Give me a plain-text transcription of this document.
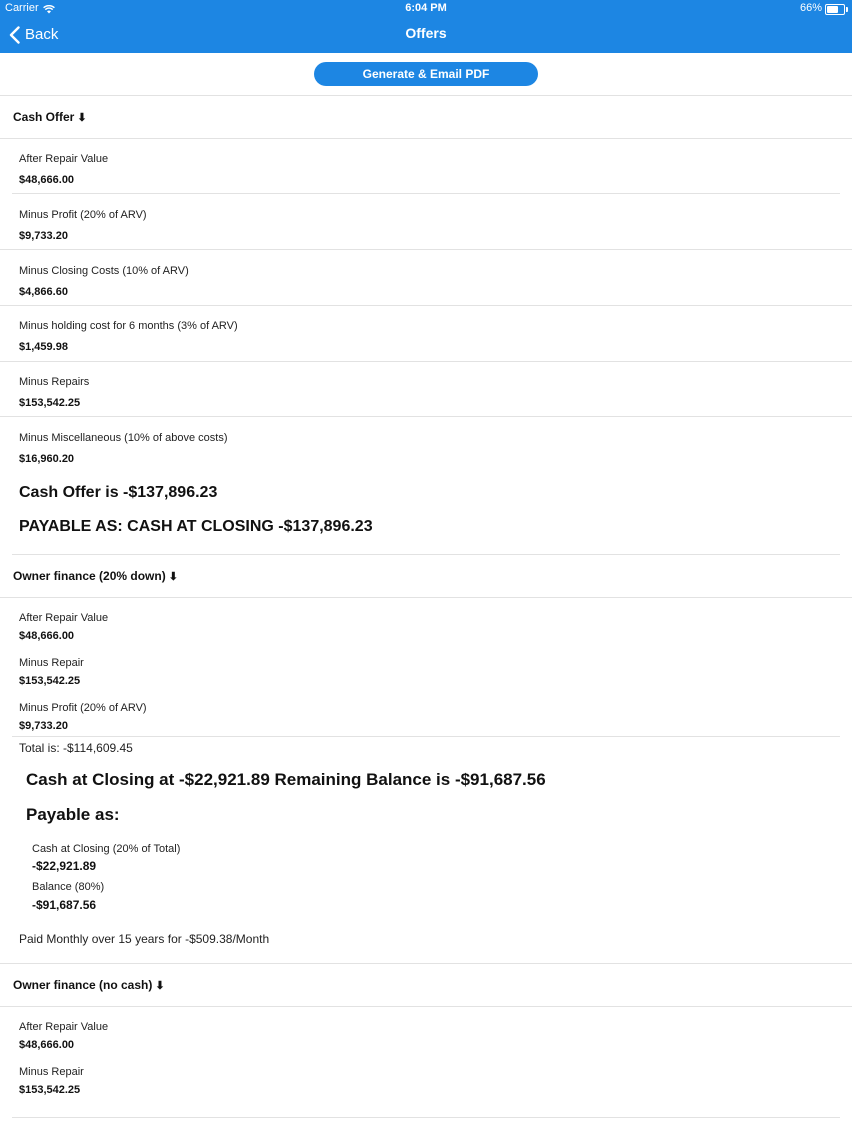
Carrier	6:04 PM	66%
Back	Offers
Generate & Email PDF
Cash Offer ⬇
After Repair Value
$48,666.00
Minus Profit (20% of ARV)
$9,733.20
Minus Closing Costs (10% of ARV)
$4,866.60
Minus holding cost for 6 months (3% of ARV)
$1,459.98
Minus Repairs
$153,542.25
Minus Miscellaneous (10% of above costs)
$16,960.20
Cash Offer is -$137,896.23
PAYABLE AS: CASH AT CLOSING -$137,896.23
Owner finance (20% down) ⬇
After Repair Value
$48,666.00
Minus Repair
$153,542.25
Minus Profit (20% of ARV)
$9,733.20
Total is: -$114,609.45
Cash at Closing at -$22,921.89 Remaining Balance is -$91,687.56
Payable as:
Cash at Closing (20% of Total)
-$22,921.89
Balance (80%)
-$91,687.56
Paid Monthly over 15 years for -$509.38/Month
Owner finance (no cash) ⬇
After Repair Value
$48,666.00
Minus Repair
$153,542.25
